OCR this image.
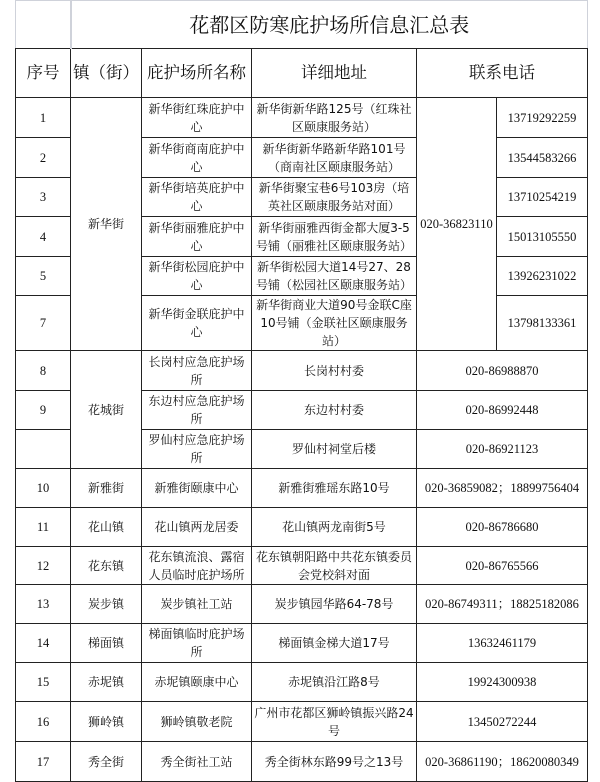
	花都区防寒庇护场所信息汇总表				
序号	镇（街）	庇护场所名称	详细地址	联系电话	
1	新华街	新华街红珠庇护中心	新华街新华路125号（红珠社区颐康服务站）	020-36823110	13719292259
2		新华街商南庇护中心	新华街新华路新华路101号（商南社区颐康服务站）		13544583266
3		新华街培英庇护中心	新华街聚宝巷6号103房（培英社区颐康服务站对面）		13710254219
4		新华街丽雅庇护中心	新华街丽雅西街金都大厦3-5号铺（丽雅社区颐康服务站）		15013105550
5		新华街松园庇护中心	新华街松园大道14号27、28号铺（松园社区颐康服务站）		13926231022
7		新华街金联庇护中心	新华街商业大道90号金联C座10号铺（金联社区颐康服务站）		13798133361
8	花城街	长岗村应急庇护场所	长岗村村委	020-86988870	
9		东边村应急庇护场所	东边村村委	020-86992448	
		罗仙村应急庇护场所	罗仙村祠堂后楼	020-86921123	
10	新雅街	新雅街颐康中心	新雅街雅瑶东路10号	020-36859082；18899756404	
11	花山镇	花山镇两龙居委	花山镇两龙南街5号	020-86786680	
12	花东镇	花东镇流浪、露宿人员临时庇护场所	花东镇朝阳路中共花东镇委员会党校斜对面	020-86765566	
13	炭步镇	炭步镇社工站	炭步镇园华路64-78号	020-86749311；18825182086	
14	梯面镇	梯面镇临时庇护场所	梯面镇金梯大道17号	13632461179	
15	赤坭镇	赤坭镇颐康中心	赤坭镇沿江路8号	19924300938	
16	狮岭镇	狮岭镇敬老院	广州市花都区狮岭镇振兴路24号	13450272244	
17	秀全街	秀全街社工站	秀全街林东路99号之13号	020-36861190；18620080349	
